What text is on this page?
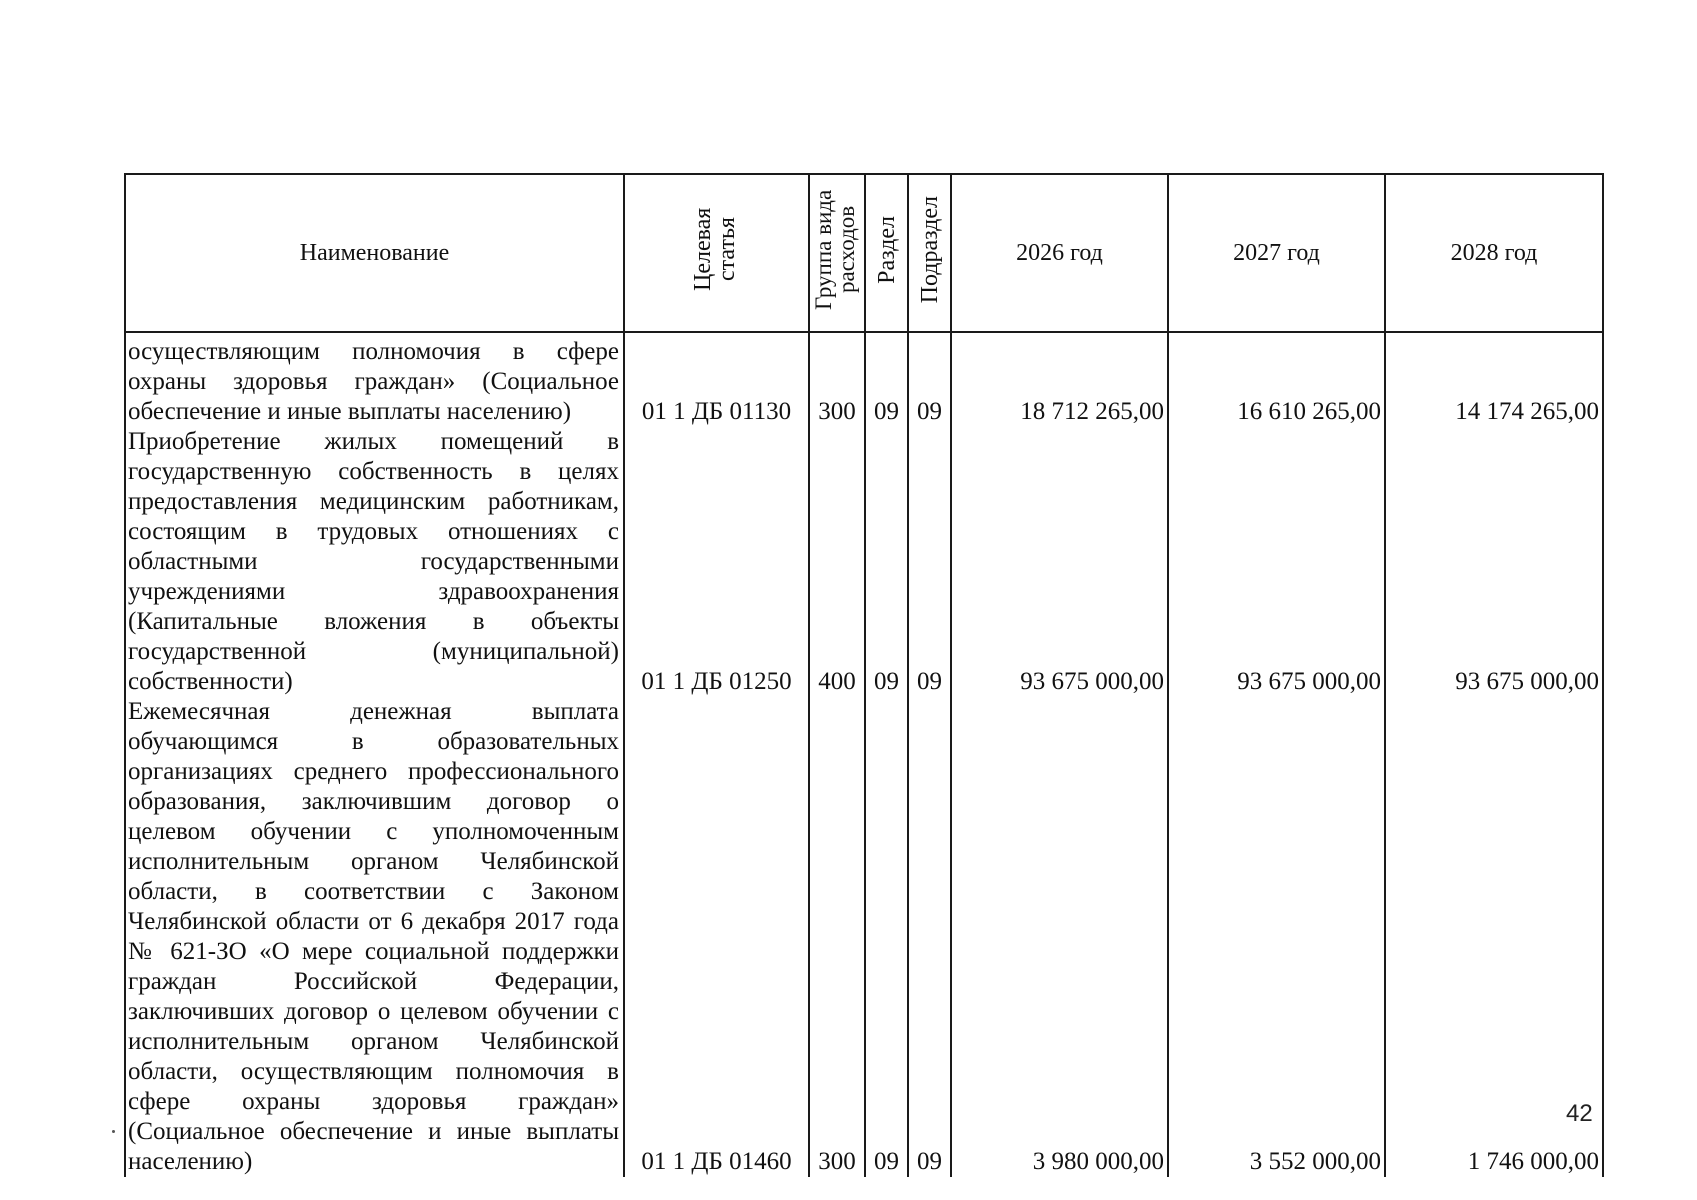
Наименование	Целевая статья	Группа вида расходов	Раздел	Подраздел	2026 год	2027 год	2028 год
осуществляющим полномочия в сфере охраны здоровья граждан» (Социальное обеспечение и иные выплаты населению)	01 1 ДБ 01130	300	09	09	18 712 265,00	16 610 265,00	14 174 265,00
Приобретение жилых помещений в государственную собственность в целях предоставления медицинским работникам, состоящим в трудовых отношениях с областными государственными учреждениями здравоохранения (Капитальные вложения в объекты государственной (муниципальной) собственности)	01 1 ДБ 01250	400	09	09	93 675 000,00	93 675 000,00	93 675 000,00
Ежемесячная денежная выплата обучающимся в образовательных организациях среднего профессионального образования, заключившим договор о целевом обучении с уполномоченным исполнительным органом Челябинской области, в соответствии с Законом Челябинской области от 6 декабря 2017 года № 621-ЗО «О мере социальной поддержки граждан Российской Федерации, заключивших договор о целевом обучении с исполнительным органом Челябинской области, осуществляющим полномочия в сфере охраны здоровья граждан» (Социальное обеспечение и иные выплаты населению)	01 1 ДБ 01460	300	09	09	3 980 000,00	3 552 000,00	1 746 000,00
42
